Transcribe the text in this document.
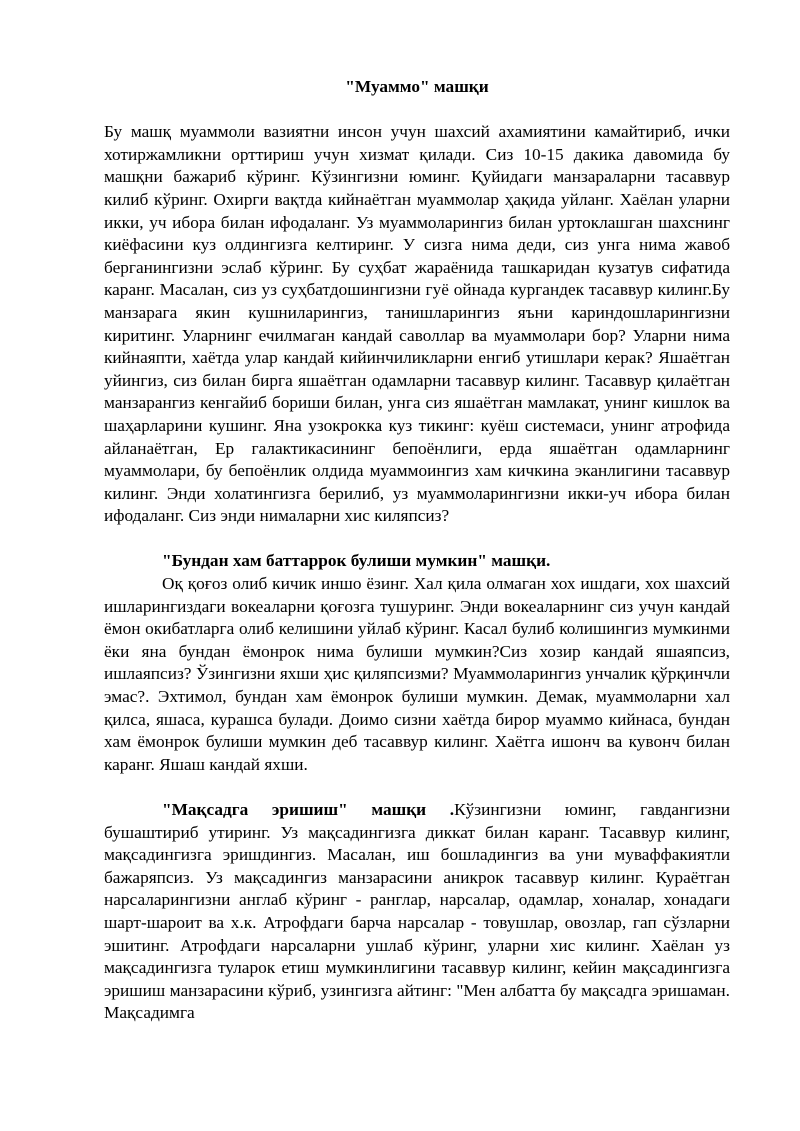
"Муаммо" машқи

Бу машқ муаммоли вазиятни инсон учун шахсий ахамиятини камайтириб, ички хотиржамликни орттириш учун хизмат қилади. Сиз 10-15 дакика давомида бу машқни бажариб кўринг. Кўзингизни юминг. Қуйидаги манзараларни тасаввур килиб кўринг. Охирги вақтда кийнаётган муаммолар ҳақида уйланг. Хаёлан уларни икки, уч ибора билан ифодаланг. Уз муаммоларингиз билан уртоклашган шахснинг киёфасини куз олдингизга келтиринг. У сизга нима деди, сиз унга нима жавоб берганингизни эслаб кўринг. Бу суҳбат жараёнида ташкаридан кузатув сифатида каранг. Масалан, сиз уз суҳбатдошингизни гуё ойнада кургандек тасаввур килинг.Бу манзарага якин кушниларингиз, танишларингиз яъни кариндошларингизни киритинг. Уларнинг ечилмаган кандай саволлар ва муаммолари бор? Уларни нима кийнаяпти, хаётда улар кандай кийинчиликларни енгиб утишлари керак? Яшаётган уйингиз, сиз билан бирга яшаётган одамларни тасаввур килинг. Тасаввур қилаётган манзарангиз кенгайиб бориши билан, унга сиз яшаётган мамлакат, унинг кишлок ва шаҳарларини кушинг. Яна узокрокка куз тикинг: куёш системаси, унинг атрофида айланаётган, Ер галактикасининг бепоёнлиги, ерда яшаётган одамларнинг муаммолари, бу бепоёнлик олдида муаммоингиз хам кичкина эканлигини тасаввур килинг. Энди холатингизга берилиб, уз муаммоларингизни икки-уч ибора билан ифодаланг. Сиз энди нималарни хис киляпсиз?

"Бундан хам баттаррок булиши мумкин" машқи.

Оқ қоғоз олиб кичик иншо ёзинг. Хал қила олмаган хох ишдаги, хох шахсий ишларингиздаги вокеаларни қоғозга тушуринг. Энди вокеаларнинг сиз учун кандай ёмон окибатларга олиб келишини уйлаб кўринг. Касал булиб колишингиз мумкинми ёки яна бундан ёмонрок нима булиши мумкин?Сиз хозир кандай яшаяпсиз, ишлаяпсиз? Ўзингизни яхши ҳис қиляпсизми? Муаммоларингиз унчалик қўрқинчли эмас?. Эхтимол, бундан хам ёмонрок булиши мумкин. Демак, муаммоларни хал қилса, яшаса, курашса булади. Доимо сизни хаётда бирор муаммо кийнаса, бундан хам ёмонрок булиши мумкин деб тасаввур килинг. Хаётга ишонч ва кувонч билан каранг. Яшаш кандай яхши.

"Мақсадга эришиш" машқи .Кўзингизни юминг, гавдангизни бушаштириб утиринг. Уз мақсадингизга диккат билан каранг. Тасаввур килинг, мақсадингизга эришдингиз. Масалан, иш бошладингиз ва уни муваффакиятли бажаряпсиз. Уз мақсадингиз манзарасини аникрок тасаввур килинг. Кураётган нарсаларингизни англаб кўринг - ранглар, нарсалар, одамлар, хоналар, хонадаги шарт-шароит ва х.к. Атрофдаги барча нарсалар - товушлар, овозлар, гап сўзларни эшитинг. Атрофдаги нарсаларни ушлаб кўринг, уларни хис килинг. Хаёлан уз мақсадингизга туларок етиш мумкинлигини тасаввур килинг, кейин мақсадингизга эришиш манзарасини кўриб, узингизга айтинг: "Мен албатта бу мақсадга эришаман. Мақсадимга
